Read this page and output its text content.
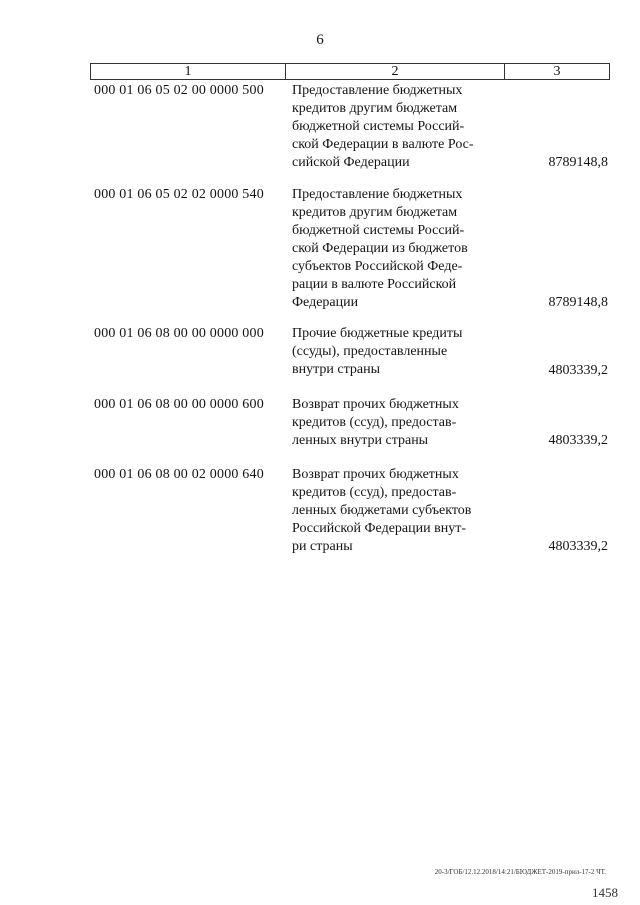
6
1	2	3
000 01 06 05 02 00 0000 500 Предоставление бюджетных
кредитов другим бюджетам
бюджетной системы Россий-
ской Федерации в валюте Рос-
сийской Федерации	8789148,8
000 01 06 05 02 02 0000 540 Предоставление бюджетных
кредитов другим бюджетам
бюджетной системы Россий-
ской Федерации из бюджетов
субъектов Российской Феде-
рации в валюте Российской
Федерации	8789148,8
000 01 06 08 00 00 0000 000 Прочие бюджетные кредиты
(ссуды), предоставленные
внутри страны	4803339,2
000 01 06 08 00 00 0000 600 Возврат прочих бюджетных
кредитов (ссуд), предостав-
ленных внутри страны	4803339,2
000 01 06 08 00 02 0000 640 Возврат прочих бюджетных
кредитов (ссуд), предостав-
ленных бюджетами субъектов
Российской Федерации внут-
ри страны	4803339,2
20-3/ГОБ/12.12.2018/14:21/БЮДЖЕТ-2019-прил-17-2 ЧТ.
1458
